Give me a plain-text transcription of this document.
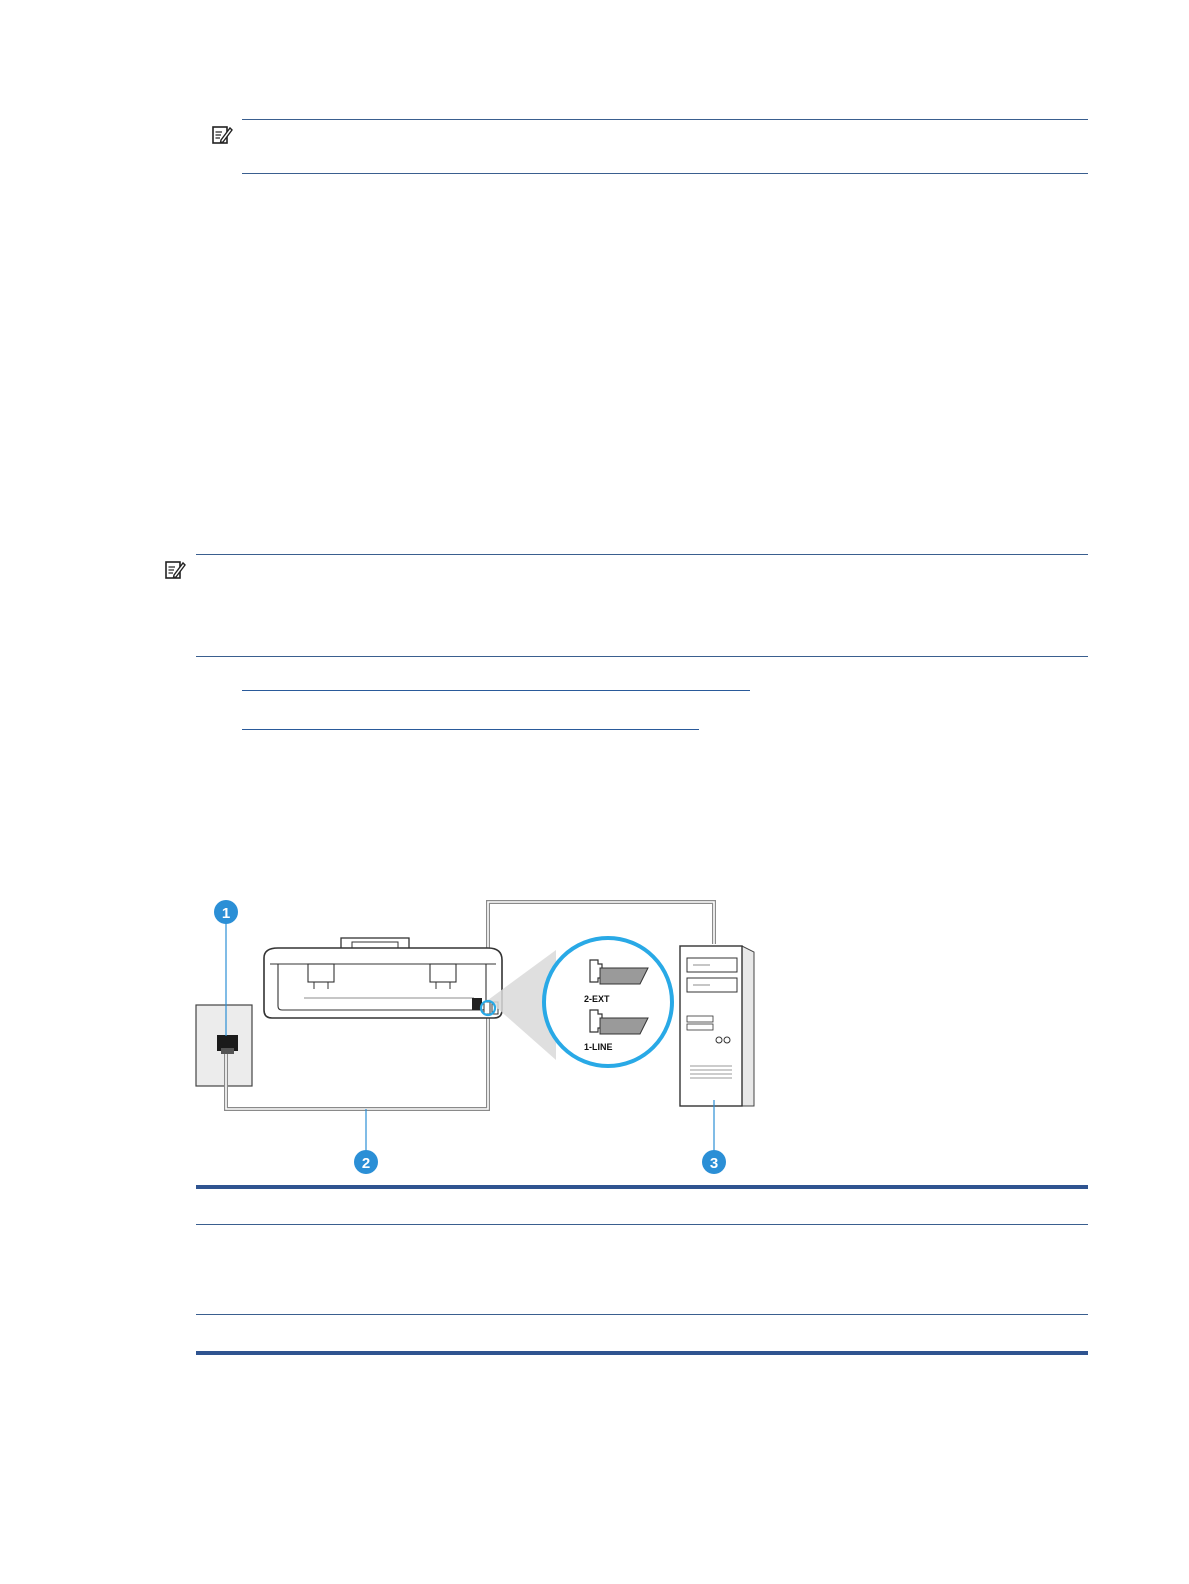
2-EXT
1-LINE
1
2	3
